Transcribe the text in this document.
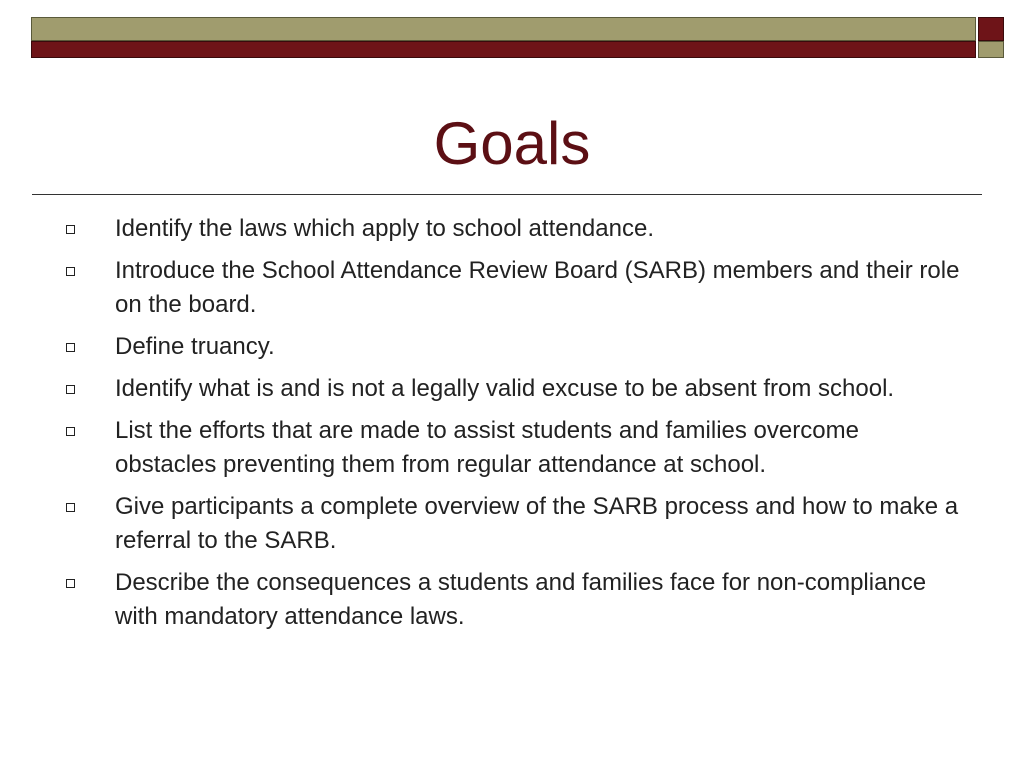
Goals
Identify the laws which apply to school attendance.
Introduce the School Attendance Review Board (SARB) members and their role on the board.
Define truancy.
Identify what is and is not a legally valid excuse to be absent from school.
List the efforts that are made to assist students and families overcome obstacles preventing them from regular attendance at school.
Give participants a complete overview of the SARB process and how to make a referral to the SARB.
Describe the consequences a students and families face for non-compliance with mandatory attendance laws.
